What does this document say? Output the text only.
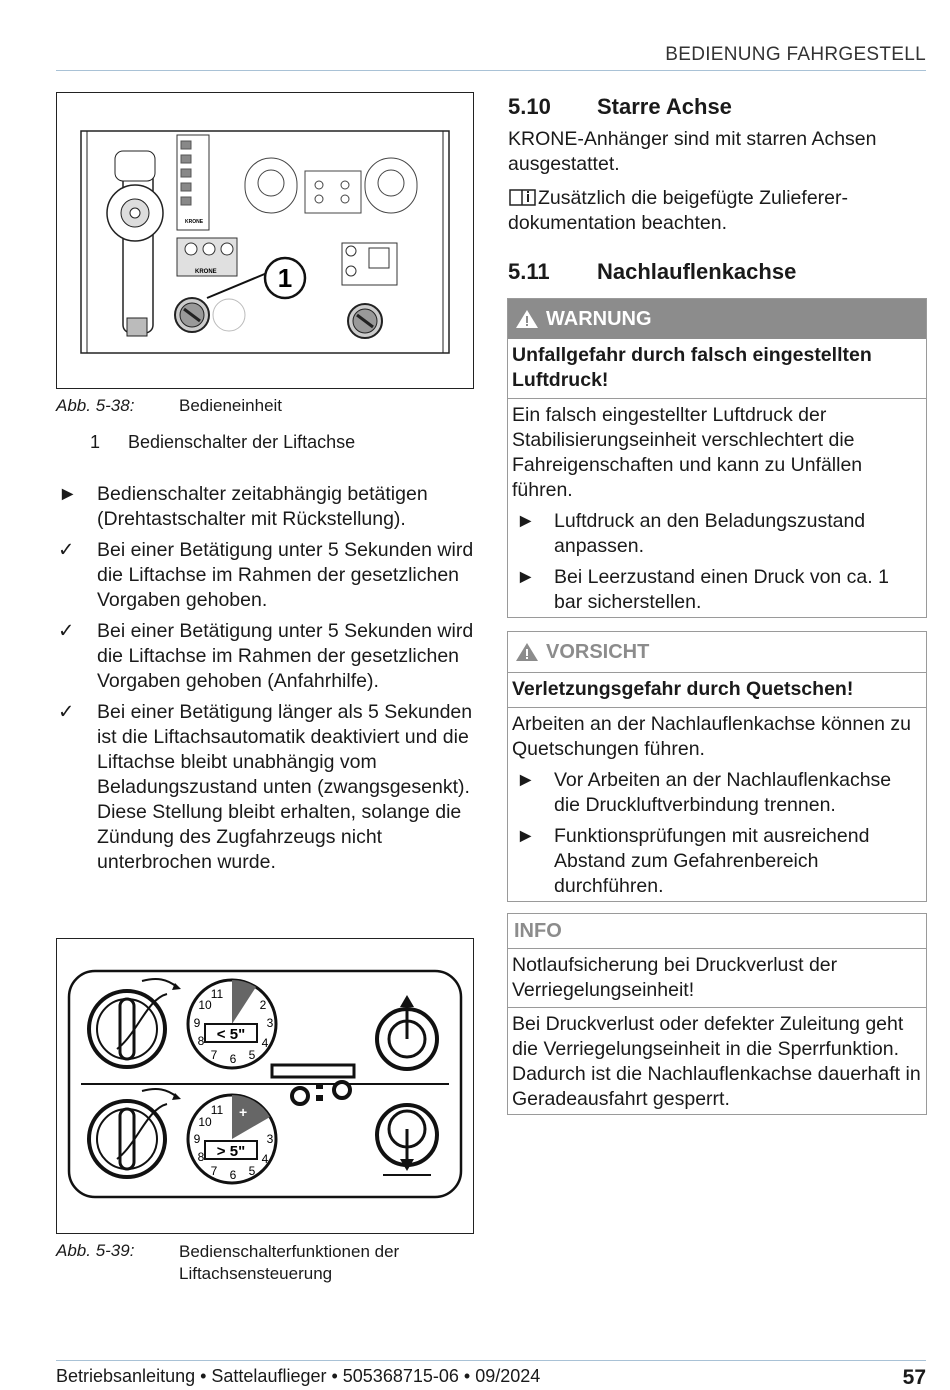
BEDIENUNG FAHRGESTELL
KRONE
KRONE 1
Abb. 5-38:	Bedieneinheit
1 Bedienschalter der Liftachse
► Bedienschalter zeitabhängig betätigen (Drehtastschalter mit Rückstellung).
✓ Bei einer Betätigung unter 5 Sekunden wird die Liftachse im Rahmen der gesetzlichen Vorgaben gehoben.
✓ Bei einer Betätigung unter 5 Sekunden wird die Liftachse im Rahmen der gesetzlichen Vorgaben gehoben (Anfahrhilfe).
✓ Bei einer Betätigung länger als 5 Sekunden ist die Liftachsautomatik deaktiviert und die Liftachse bleibt unabhängig vom Beladungszustand unten (zwangsgesenkt). Diese Stellung bleibt erhalten, solange die Zündung des Zugfahrzeugs nicht unterbrochen wurde.
< 5"
11
10
9
8
7 6 5
4
3
2
+
> 5"
11
10
9
8
7 6 5
4
3
Abb. 5-39:	Bedienschalterfunktionen der Liftachsensteuerung
5.10 Starre Achse
KRONE-Anhänger sind mit starren Achsen ausgestattet.
Zusätzlich die beigefügte Zuliefererdokumentation beachten.
5.11 Nachlauflenkachse
WARNUNG
Unfallgefahr durch falsch eingestellten Luftdruck!
Ein falsch eingestellter Luftdruck der Stabilisierungseinheit verschlechtert die Fahreigenschaften und kann zu Unfällen führen.
► Luftdruck an den Beladungszustand anpassen.
► Bei Leerzustand einen Druck von ca. 1 bar sicherstellen.
VORSICHT
Verletzungsgefahr durch Quetschen!
Arbeiten an der Nachlauflenkachse können zu Quetschungen führen.
► Vor Arbeiten an der Nachlauflenkachse die Druckluftverbindung trennen.
► Funktionsprüfungen mit ausreichend Abstand zum Gefahrenbereich durchführen.
INFO
Notlaufsicherung bei Druckverlust der Verriegelungseinheit!
Bei Druckverlust oder defekter Zuleitung geht die Verriegelungseinheit in die Sperrfunktion. Dadurch ist die Nachlauflenkachse dauerhaft in Geradeausfahrt gesperrt.
Betriebsanleitung • Sattelauflieger • 505368715-06 • 09/2024	57
